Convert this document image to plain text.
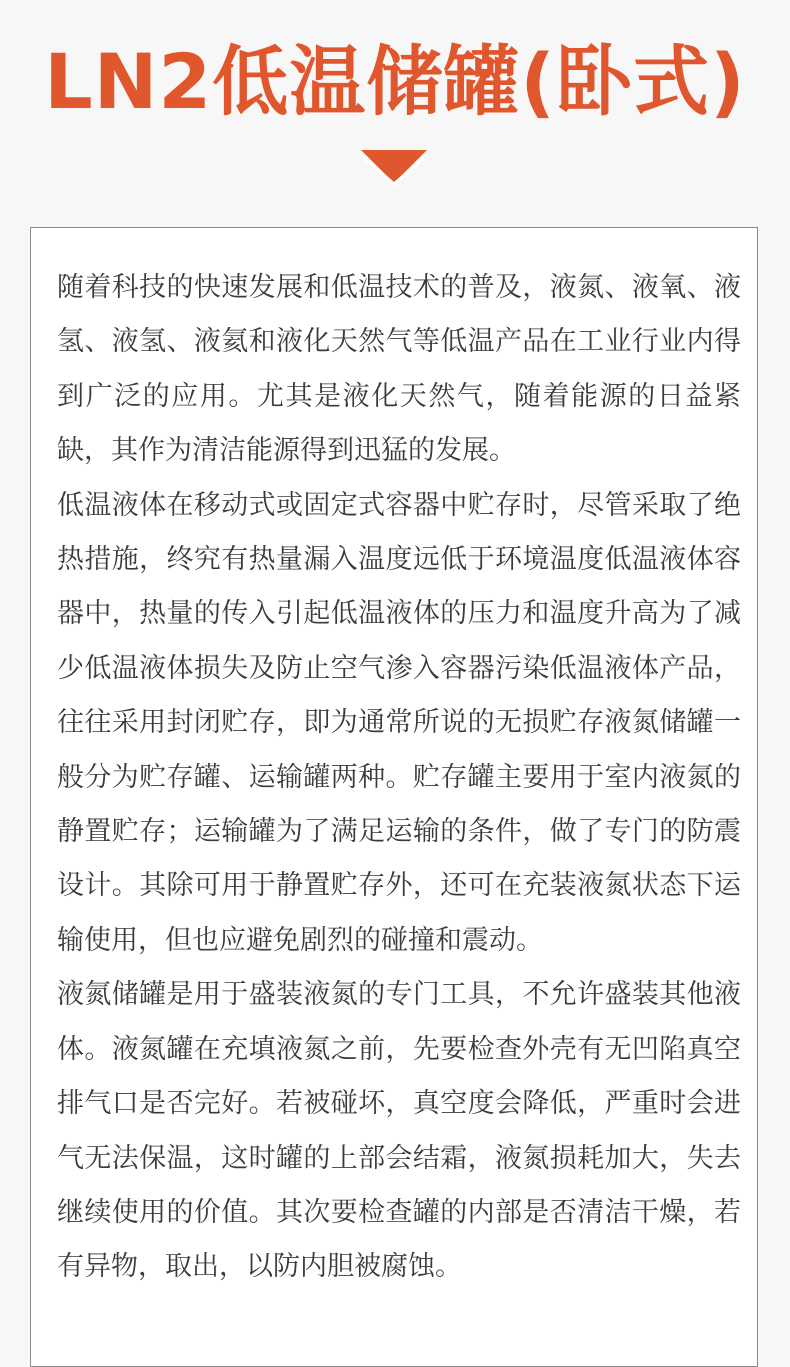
LN2低温储罐(卧式)

随着科技的快速发展和低温技术的普及，液氮、液氧、液氢、液氢、液氦和液化天然气等低温产品在工业行业内得到广泛的应用。尤其是液化天然气，随着能源的日益紧缺，其作为清洁能源得到迅猛的发展。

低温液体在移动式或固定式容器中贮存时，尽管采取了绝热措施，终究有热量漏入温度远低于环境温度低温液体容器中，热量的传入引起低温液体的压力和温度升高为了减少低温液体损失及防止空气渗入容器污染低温液体产品，往往采用封闭贮存，即为通常所说的无损贮存液氮储罐一般分为贮存罐、运输罐两种。贮存罐主要用于室内液氮的静置贮存；运输罐为了满足运输的条件，做了专门的防震设计。其除可用于静置贮存外，还可在充装液氮状态下运输使用，但也应避免剧烈的碰撞和震动。

液氮储罐是用于盛装液氮的专门工具，不允许盛装其他液体。液氮罐在充填液氮之前，先要检查外壳有无凹陷真空排气口是否完好。若被碰坏，真空度会降低，严重时会进气无法保温，这时罐的上部会结霜，液氮损耗加大，失去继续使用的价值。其次要检查罐的内部是否清洁干燥，若有异物，取出，以防内胆被腐蚀。
